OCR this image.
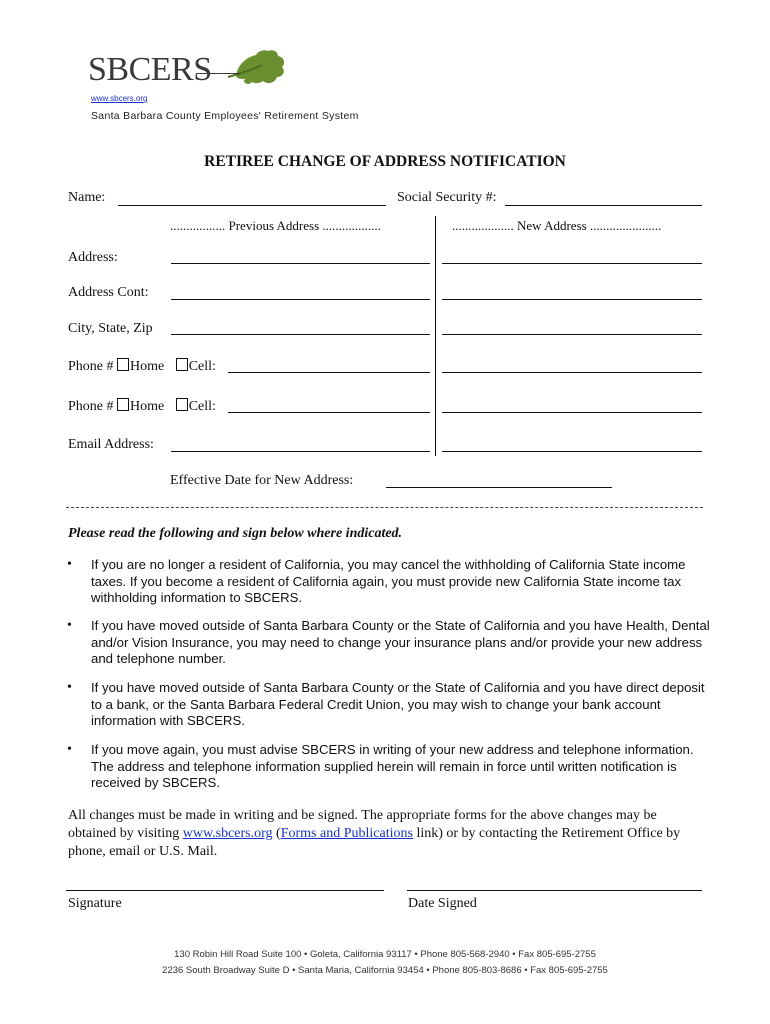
SBCERS
www.sbcers.org
Santa Barbara County Employees' Retirement System
RETIREE CHANGE OF ADDRESS NOTIFICATION
Name:	Social Security #:
................. Previous Address ..................	................... New Address ......................
Address:
Address Cont:
City, State, Zip
Phone # Home Cell:
Phone # Home Cell:
Email Address:
Effective Date for New Address:
Please read the following and sign below where indicated.
• If you are no longer a resident of California, you may cancel the withholding of California State income taxes. If you become a resident of California again, you must provide new California State income tax withholding information to SBCERS.
• If you have moved outside of Santa Barbara County or the State of California and you have Health, Dental and/or Vision Insurance, you may need to change your insurance plans and/or provide your new address and telephone number.
• If you have moved outside of Santa Barbara County or the State of California and you have direct deposit to a bank, or the Santa Barbara Federal Credit Union, you may wish to change your bank account information with SBCERS.
• If you move again, you must advise SBCERS in writing of your new address and telephone information. The address and telephone information supplied herein will remain in force until written notification is received by SBCERS.
All changes must be made in writing and be signed. The appropriate forms for the above changes may be obtained by visiting www.sbcers.org (Forms and Publications link) or by contacting the Retirement Office by phone, email or U.S. Mail.
Signature	Date Signed
130 Robin Hill Road Suite 100 • Goleta, California 93117 • Phone 805-568-2940 • Fax 805-695-2755
2236 South Broadway Suite D • Santa Maria, California 93454 • Phone 805-803-8686 • Fax 805-695-2755
